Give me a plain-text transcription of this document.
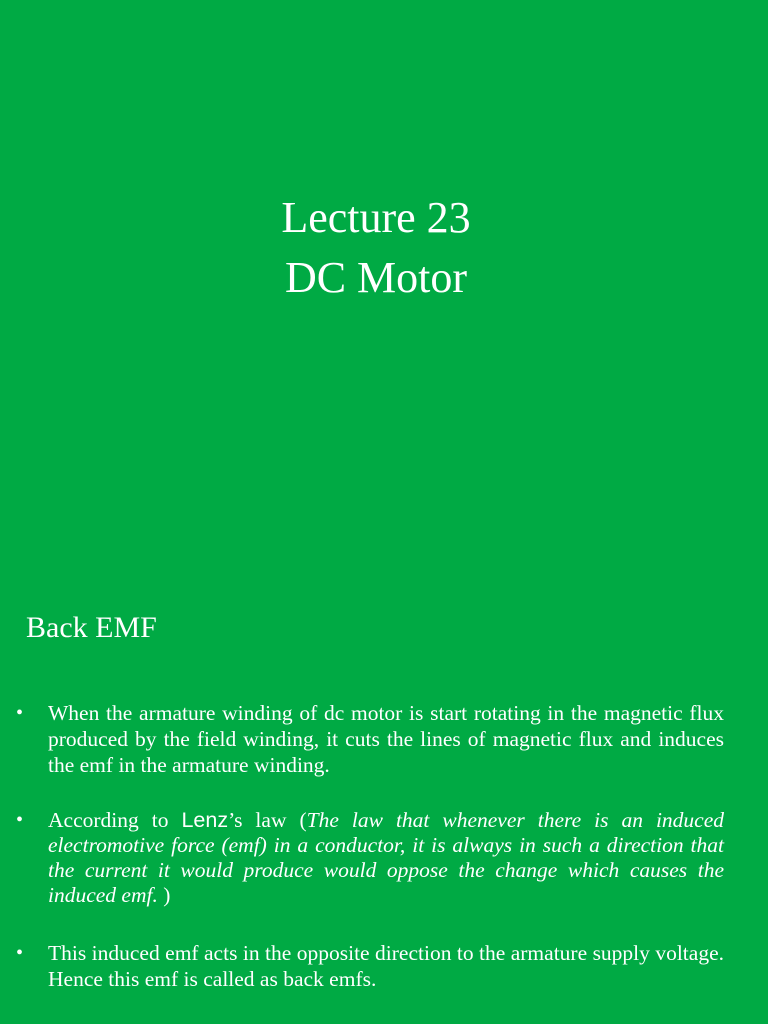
Lecture 23
DC Motor
Back EMF
• When the armature winding of dc motor is start rotating in the magnetic flux produced by the field winding, it cuts the lines of magnetic flux and induces the emf in the armature winding.
• According to Lenz’s law (The law that whenever there is an induced electromotive force (emf) in a conductor, it is always in such a direction that the current it would produce would oppose the change which causes the induced emf. )
• This induced emf acts in the opposite direction to the armature supply voltage. Hence this emf is called as back emfs.
